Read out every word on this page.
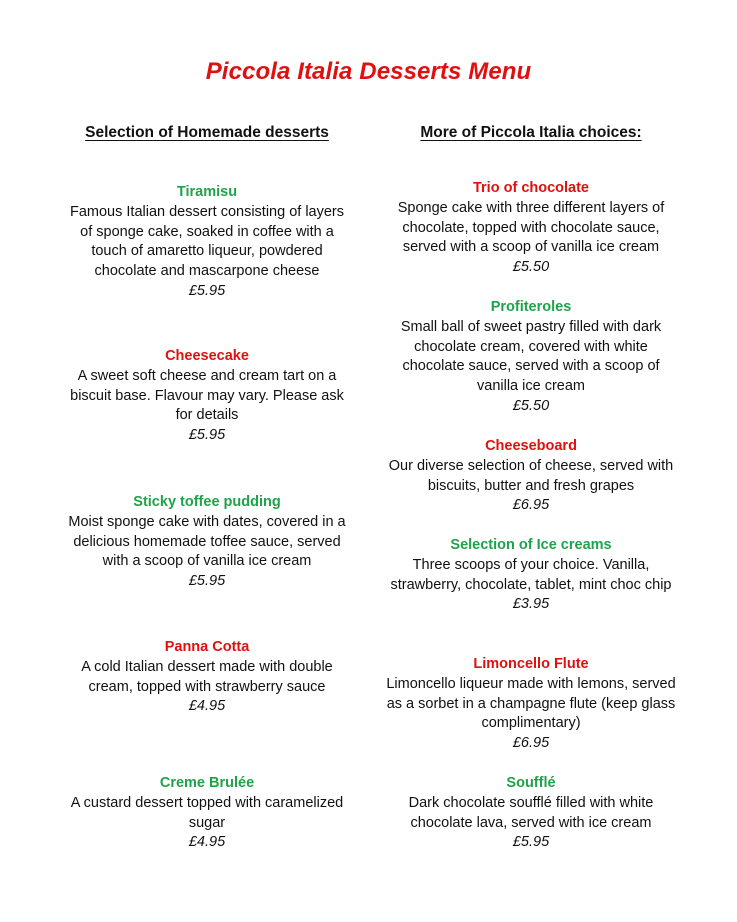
Piccola Italia Desserts Menu
Selection of Homemade desserts	More of Piccola Italia choices:
Tiramisu
Famous Italian dessert consisting of layers of sponge cake, soaked in coffee with a touch of amaretto liqueur, powdered chocolate and mascarpone cheese
£5.95
Cheesecake
A sweet soft cheese and cream tart on a biscuit base. Flavour may vary. Please ask for details
£5.95
Sticky toffee pudding
Moist sponge cake with dates, covered in a delicious homemade toffee sauce, served with a scoop of vanilla ice cream
£5.95
Panna Cotta
A cold Italian dessert made with double cream, topped with strawberry sauce
£4.95
Creme Brulée
A custard dessert topped with caramelized sugar
£4.95
Trio of chocolate
Sponge cake with three different layers of chocolate, topped with chocolate sauce, served with a scoop of vanilla ice cream
£5.50
Profiteroles
Small ball of sweet pastry filled with dark chocolate cream, covered with white chocolate sauce, served with a scoop of vanilla ice cream
£5.50
Cheeseboard
Our diverse selection of cheese, served with biscuits, butter and fresh grapes
£6.95
Selection of Ice creams
Three scoops of your choice. Vanilla, strawberry, chocolate, tablet, mint choc chip
£3.95
Limoncello Flute
Limoncello liqueur made with lemons, served as a sorbet in a champagne flute (keep glass complimentary)
£6.95
Soufflé
Dark chocolate soufflé filled with white chocolate lava, served with ice cream
£5.95
